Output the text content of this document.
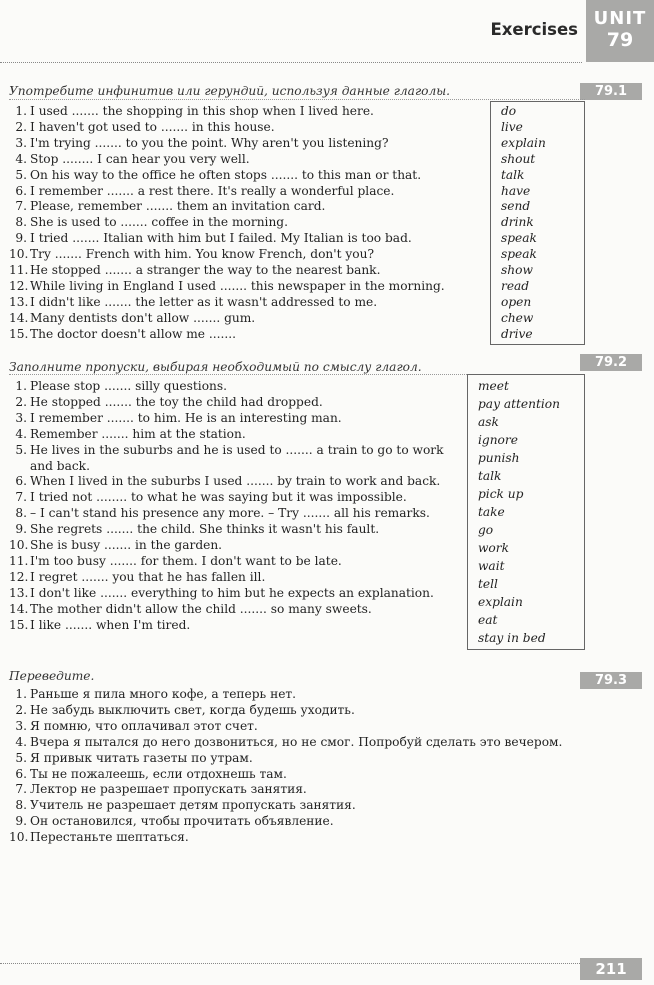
Exercises
UNIT
79
79.1
Употребите инфинитив или герундий, используя данные глаголы.
1. I used ....... the shopping in this shop when I lived here.
2. I haven't got used to ....... in this house.
3. I'm trying ....... to you the point. Why aren't you listening?
4. Stop ........ I can hear you very well.
5. On his way to the office he often stops ....... to this man or that.
6. I remember ....... a rest there. It's really a wonderful place.
7. Please, remember ....... them an invitation card.
8. She is used to ....... coffee in the morning.
9. I tried ....... Italian with him but I failed. My Italian is too bad.
10. Try ....... French with him. You know French, don't you?
11. He stopped ....... a stranger the way to the nearest bank.
12. While living in England I used ....... this newspaper in the morning.
13. I didn't like ....... the letter as it wasn't addressed to me.
14. Many dentists don't allow ....... gum.
15. The doctor doesn't allow me .......
do
live
explain
shout
talk
have
send
drink
speak
speak
show
read
open
chew
drive
79.2
Заполните пропуски, выбирая необходимый по смыслу глагол.
1. Please stop ....... silly questions.
2. He stopped ....... the toy the child had dropped.
3. I remember ....... to him. He is an interesting man.
4. Remember ....... him at the station.
5. He lives in the suburbs and he is used to ....... a train to go to work and back.
6. When I lived in the suburbs I used ....... by train to work and back.
7. I tried not ........ to what he was saying but it was impossible.
8. – I can't stand his presence any more. – Try ....... all his remarks.
9. She regrets ....... the child. She thinks it wasn't his fault.
10. She is busy ....... in the garden.
11. I'm too busy ....... for them. I don't want to be late.
12. I regret ....... you that he has fallen ill.
13. I don't like ....... everything to him but he expects an explanation.
14. The mother didn't allow the child ....... so many sweets.
15. I like ....... when I'm tired.
meet
pay attention
ask
ignore
punish
talk
pick up
take
go
work
wait
tell
explain
eat
stay in bed
79.3
Переведите.
1. Раньше я пила много кофе, а теперь нет.
2. Не забудь выключить свет, когда будешь уходить.
3. Я помню, что оплачивал этот счет.
4. Вчера я пытался до него дозвониться, но не смог. Попробуй сделать это вечером.
5. Я привык читать газеты по утрам.
6. Ты не пожалеешь, если отдохнешь там.
7. Лектор не разрешает пропускать занятия.
8. Учитель не разрешает детям пропускать занятия.
9. Он остановился, чтобы прочитать объявление.
10. Перестаньте шептаться.
211
